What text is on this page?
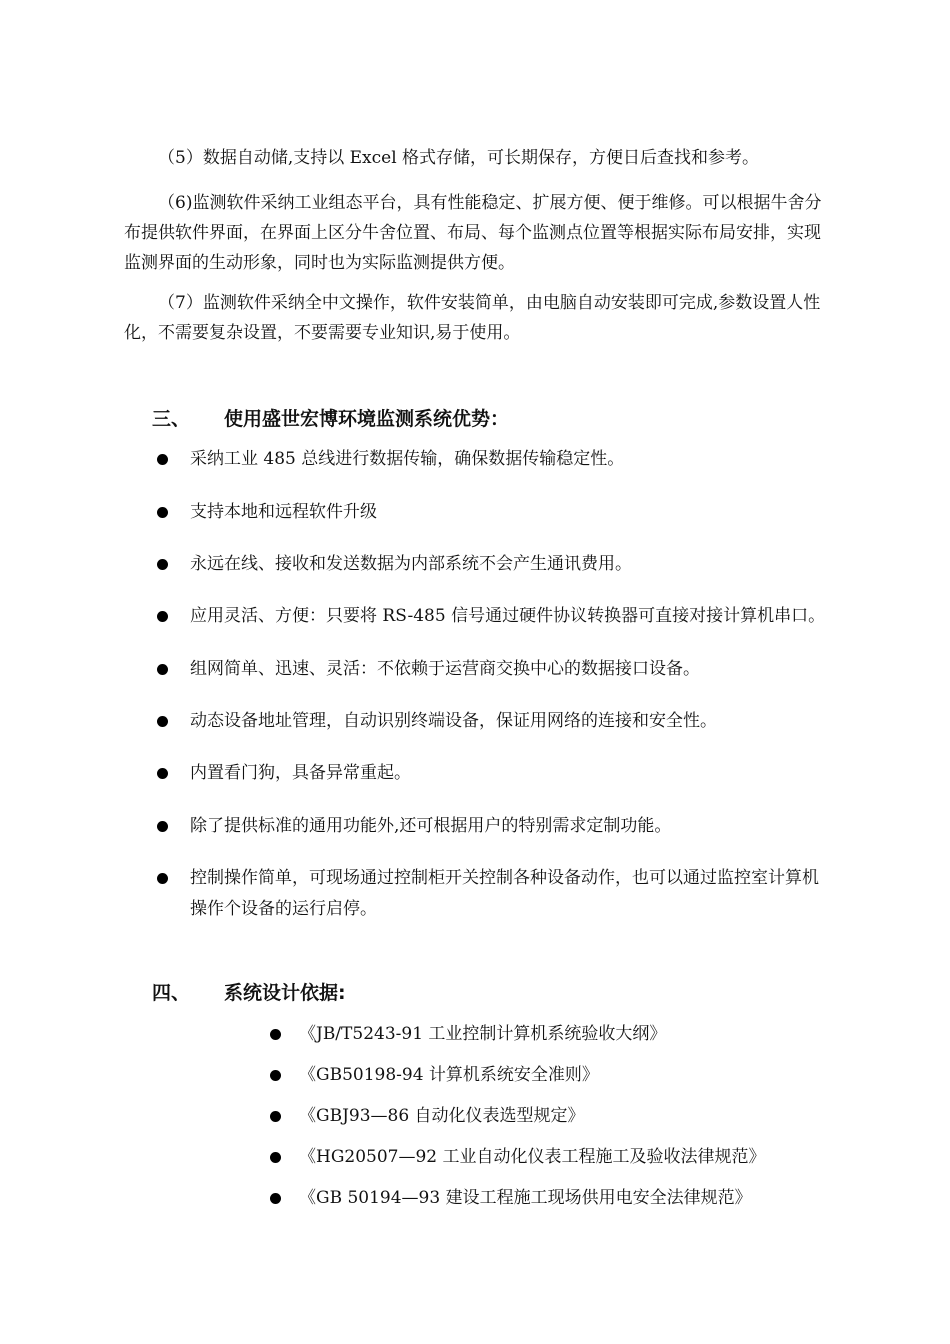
（5）数据自动储,支持以 Excel 格式存储，可长期保存，方便日后查找和参考。

（6)监测软件采纳工业组态平台，具有性能稳定、扩展方便、便于维修。可以根据牛舍分布提供软件界面，在界面上区分牛舍位置、布局、每个监测点位置等根据实际布局安排，实现监测界面的生动形象，同时也为实际监测提供方便。

（7）监测软件采纳全中文操作，软件安装简单，由电脑自动安装即可完成,参数设置人性化，不需要复杂设置，不要需要专业知识,易于使用。

三、 使用盛世宏博环境监测系统优势：
采纳工业 485 总线进行数据传输，确保数据传输稳定性。
支持本地和远程软件升级
永远在线、接收和发送数据为内部系统不会产生通讯费用。
应用灵活、方便：只要将 RS-485 信号通过硬件协议转换器可直接对接计算机串口。
组网简单、迅速、灵活：不依赖于运营商交换中心的数据接口设备。
动态设备地址管理，自动识别终端设备，保证用网络的连接和安全性。
内置看门狗，具备异常重起。
除了提供标准的通用功能外,还可根据用户的特别需求定制功能。
控制操作简单，可现场通过控制柜开关控制各种设备动作，也可以通过监控室计算机操作个设备的运行启停。
四、 系统设计依据:
《JB/T5243-91 工业控制计算机系统验收大纲》
《GB50198-94 计算机系统安全准则》
《GBJ93—86 自动化仪表选型规定》
《HG20507—92 工业自动化仪表工程施工及验收法律规范》
《GB 50194—93 建设工程施工现场供用电安全法律规范》
